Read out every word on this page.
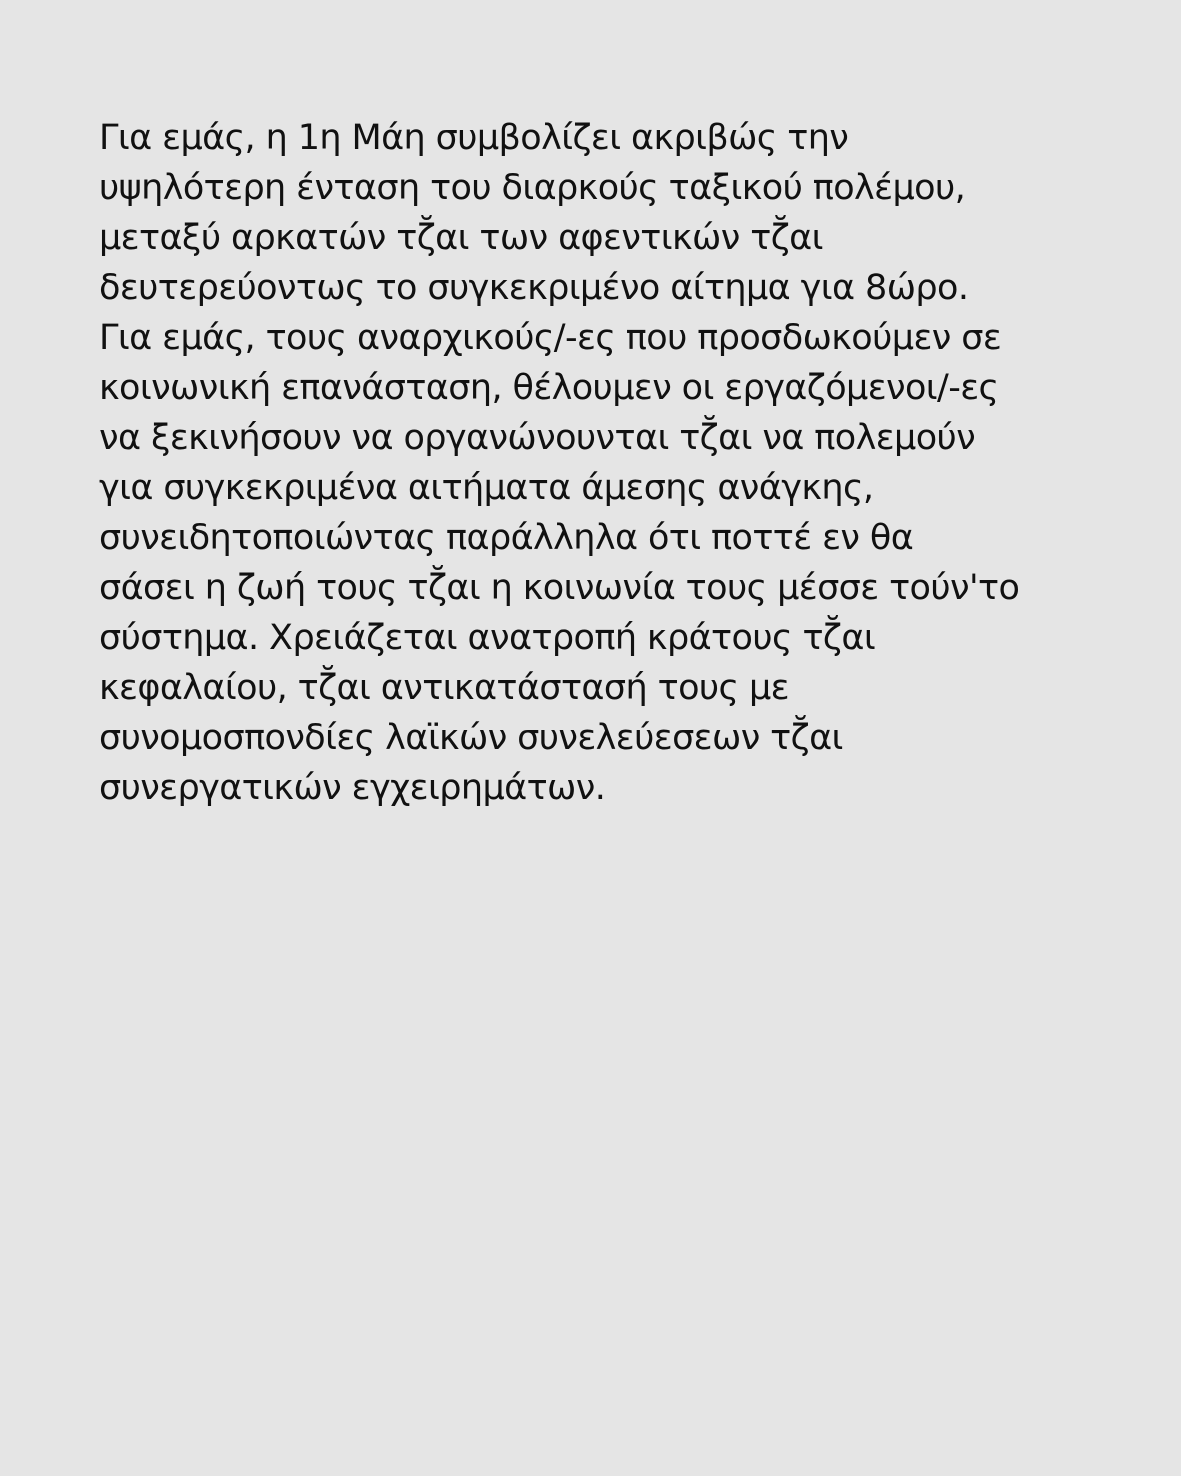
Για εμάς, η 1η Μάη συμβολίζει ακριβώς την
υψηλότερη ένταση του διαρκούς ταξικού πολέμου,
μεταξύ αρκατών τζ̆αι των αφεντικών τζ̆αι
δευτερεύοντως το συγκεκριμένο αίτημα για 8ώρο.
Για εμάς, τους αναρχικούς/-ες που προσδωκούμεν σε
κοινωνική επανάσταση, θέλουμεν οι εργαζόμενοι/-ες
να ξεκινήσουν να οργανώνουνται τζ̆αι να πολεμούν
για συγκεκριμένα αιτήματα άμεσης ανάγκης,
συνειδητοποιώντας παράλληλα ότι ποττέ εν θα
σάσει η ζωή τους τζ̆αι η κοινωνία τους μέσσε τούν'το
σύστημα. Χρειάζεται ανατροπή κράτους τζ̆αι
κεφαλαίου, τζ̆αι αντικατάστασή τους με
συνομοσπονδίες λαϊκών συνελεύεσεων τζ̆αι
συνεργατικών εγχειρημάτων.
